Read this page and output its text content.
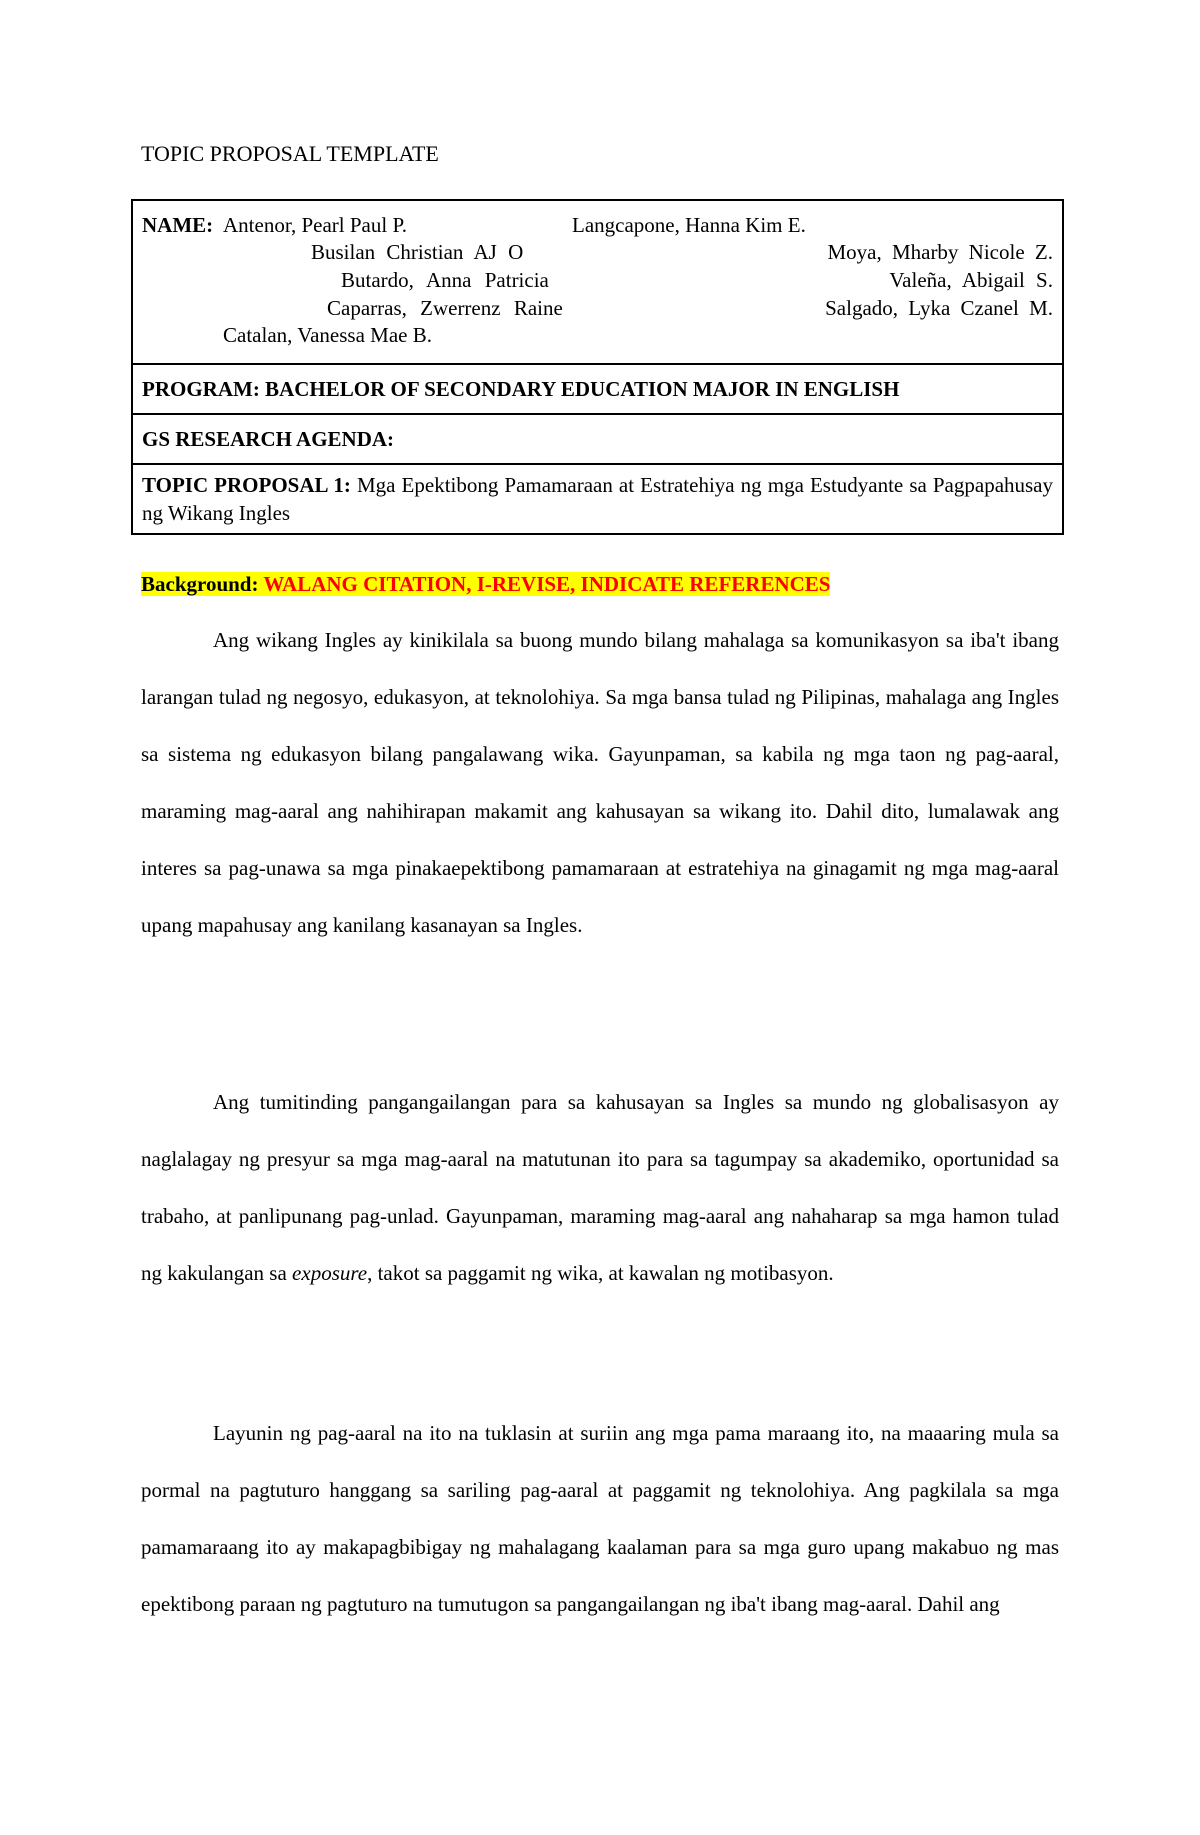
TOPIC PROPOSAL TEMPLATE
NAME: Antenor, Pearl Paul P.	Langcapone, Hanna Kim E.
Busilan Christian AJ O	Moya, Mharby Nicole Z.
Butardo, Anna Patricia	Valeña, Abigail S.
Caparras, Zwerrenz Raine	Salgado, Lyka Czanel M.
Catalan, Vanessa Mae B.

PROGRAM: BACHELOR OF SECONDARY EDUCATION MAJOR IN ENGLISH
GS RESEARCH AGENDA:
TOPIC PROPOSAL 1: Mga Epektibong Pamamaraan at Estratehiya ng mga Estudyante sa Pagpapahusay ng Wikang Ingles

Background: WALANG CITATION, I-REVISE, INDICATE REFERENCES

Ang wikang Ingles ay kinikilala sa buong mundo bilang mahalaga sa komunikasyon sa iba't ibang larangan tulad ng negosyo, edukasyon, at teknolohiya. Sa mga bansa tulad ng Pilipinas, mahalaga ang Ingles sa sistema ng edukasyon bilang pangalawang wika. Gayunpaman, sa kabila ng mga taon ng pag-aaral, maraming mag-aaral ang nahihirapan makamit ang kahusayan sa wikang ito. Dahil dito, lumalawak ang interes sa pag-unawa sa mga pinakaepektibong pamamaraan at estratehiya na ginagamit ng mga mag-aaral upang mapahusay ang kanilang kasanayan sa Ingles.

Ang tumitinding pangangailangan para sa kahusayan sa Ingles sa mundo ng globalisasyon ay naglalagay ng presyur sa mga mag-aaral na matutunan ito para sa tagumpay sa akademiko, oportunidad sa trabaho, at panlipunang pag-unlad. Gayunpaman, maraming mag-aaral ang nahaharap sa mga hamon tulad ng kakulangan sa exposure, takot sa paggamit ng wika, at kawalan ng motibasyon.

Layunin ng pag-aaral na ito na tuklasin at suriin ang mga pama maraang ito, na maaaring mula sa pormal na pagtuturo hanggang sa sariling pag-aaral at paggamit ng teknolohiya. Ang pagkilala sa mga pamamaraang ito ay makapagbibigay ng mahalagang kaalaman para sa mga guro upang makabuo ng mas epektibong paraan ng pagtuturo na tumutugon sa pangangailangan ng iba't ibang mag-aaral. Dahil ang
